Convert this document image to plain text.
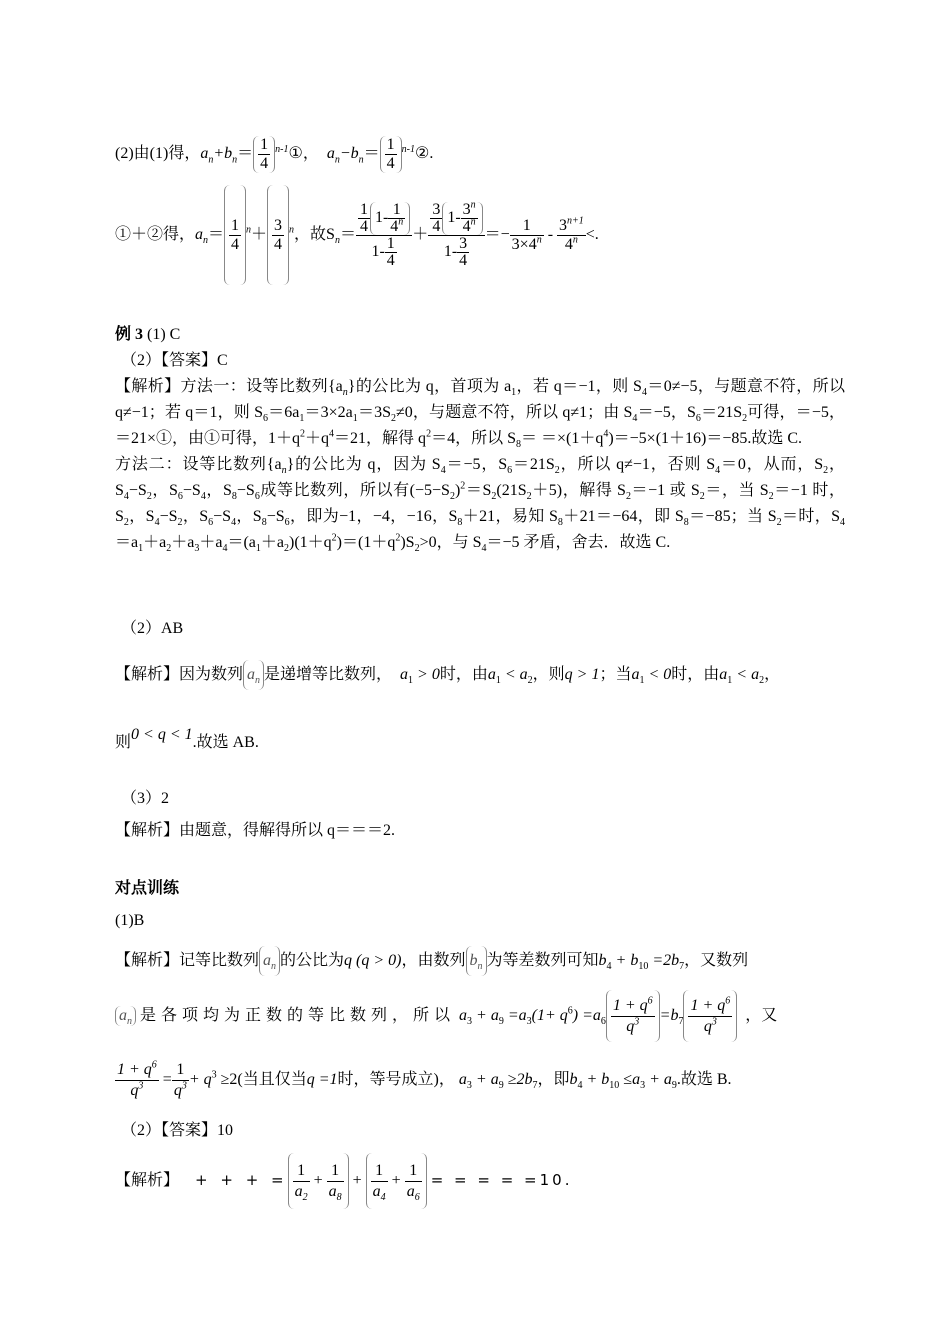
(2)由(1)得，$a_n+b_n= \frac{1}{4}$ $^{n-1}$①， $a_n-b_n= \frac{1}{4}$ $^{n-1}$②.
①＋②得，$a_n= \frac{1}{4} ^n+ \frac{3}{4} ^n$，故$S_n= \frac{\frac{1}{4} 1- \frac{1}{4^n}}{1- \frac{1}{4}} + \frac{\frac{3}{4} 1- \frac{3^n}{4^n}}{1- \frac{3}{4}} =- \frac{1}{3\times 4^n} - \frac{3^{n+1}}{4^n}$ <.
例 3 (1) C
（2）【答案】C
【解析】方法一：设等比数列$\{a_n\}$的公比为 q，首项为 $a_1$，若 q＝−1，则 $S_4=0\ne-5$，与题意不符，所以 q≠−1；若 q＝1，则 $S_6=6a_1=3\times 2a_1=3S_2\ne 0$，与题意不符，所以 q≠1；由 $S_4=-5$，$S_6=21S_2$可得，＝−5，＝21×①，由①可得，$1+q^2+q^4=21$，解得 $q^2=4$，所以 $S_8= =\times(1+q^4)=-5\times(1+16)=-85$.故选 C.
方法二：设等比数列$\{a_n\}$的公比为 q，因为 $S_4=-5$，$S_6=21S_2$，所以 q≠−1，否则 $S_4=0$，从而，$S_2$，$S_4-S_2$，$S_6-S_4$，$S_8-S_6$成等比数列，所以有$(-5-S_2)^2=S_2(21S_2+5)$，解得 $S_2=-1$ 或 $S_2=$，当 $S_2=-1$ 时，$S_2$，$S_4-S_2$，$S_6-S_4$，$S_8-S_6$，即为−1，−4，−16，$S_8+21$，易知 $S_8+21=-64$，即 $S_8=-85$；当 $S_2=$时，$S_4=a_1+a_2+a_3+a_4=(a_1+a_2)(1+q^2)=(1+q^2)S_2>0$，与 $S_4=-5$ 矛盾，舍去．故选 C.
（2）AB
【解析】因为数列 $a_n$ 是递增等比数列， $a_1 > 0$时，由$a_1 < a_2$，则q > 1；当$a_1 < 0$时，由$a_1 < a_2$，
则0 < q < 1.故选 AB.
（3）2
【解析】由题意，得解得所以 q＝＝＝2.
对点训练
(1)B
【解析】记等比数列 $a_n$ 的公比为q (q > 0)，由数列 $b_n$ 为等差数列可知$b_4 + b_{10} =2b_7$，又数列
$a_n$ 是各项均为正数的等比数列，所以 $a_3 + a_9 =a_3(1+ q^6) =a_6 \frac{1 + q^6}{q^3} =b_7 \frac{1 + q^6}{q^3}$ ，又
$\frac{1 + q^6}{q^3} = \frac{1}{q^3} + q^3 \ge 2$(当且仅当q =1时，等号成立)， $a_3 + a_9 \ge 2b_7$，即$b_4 + b_{10} \le a_3 + a_9$.故选 B.
（2）【答案】10
【解析】 + + + = $\frac{1}{a_2} + \frac{1}{a_8} + \frac{1}{a_4} + \frac{1}{a_6}$ = = = = =10.
